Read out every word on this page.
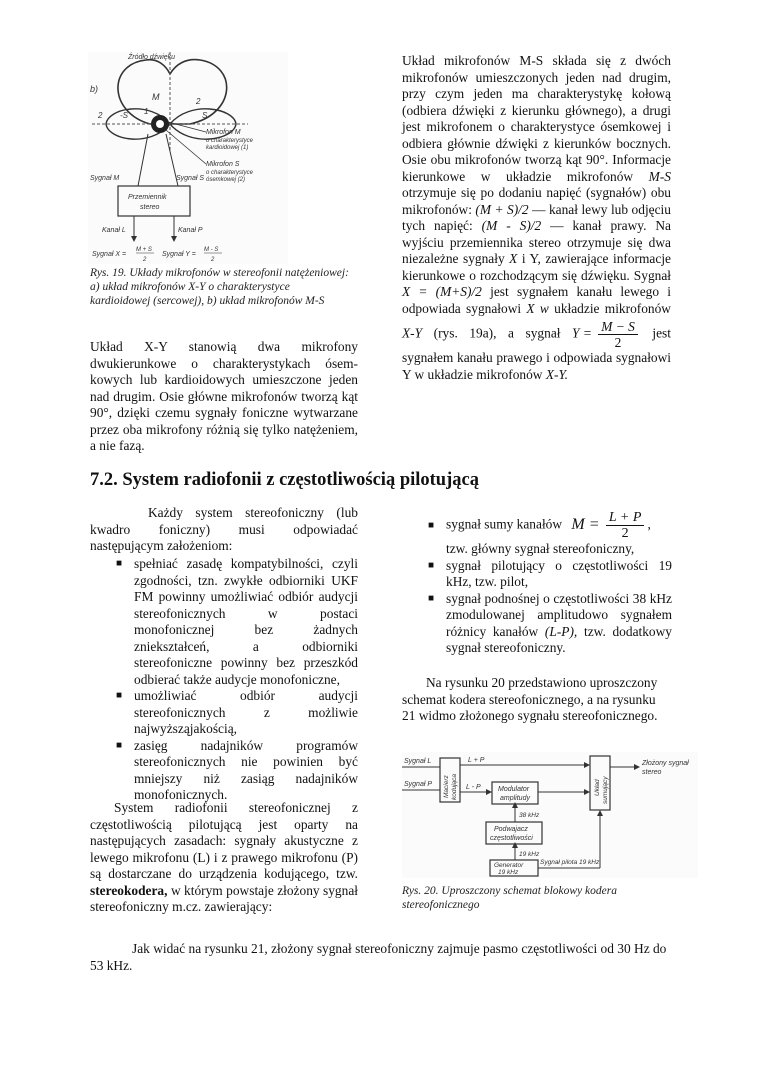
Źródło dźwięku
b)
M
-S	S
2
2
1
Mikrofon M
o charakterystyce
kardioidowej (1)
Mikrofon S
o charakterystyce
ósemkowej (2)
Sygnał M	Sygnał S
Przemiennik
stereo
Kanał L	Kanał P
Sygnał X =
M + S
2
Sygnał Y =
M - S
2
Rys. 19. Układy mikrofonów w stereofonii natężeniowej: a) układ mikrofonów X-Y o charakterystyce kardioidowej (sercowej), b) układ mikrofonów M-S

Układ X-Y stanowią dwa mikrofony dwukierunkowe o charakterystykach ósem-kowych lub kardioidowych umieszczone jeden nad drugim. Osie główne mikrofonów tworzą kąt 90°, dzięki czemu sygnały foniczne wytwarzane przez oba mikrofony różnią się tylko natężeniem, a nie fazą.

Układ mikrofonów M-S składa się z dwóch mikrofonów umieszczonych jeden nad drugim, przy czym jeden ma charakterystykę kołową (odbiera dźwięki z kierunku głównego), a drugi jest mikrofonem o charakterystyce ósemkowej i odbiera głównie dźwięki z kierunków bocznych. Osie obu mikrofonów tworzą kąt 90°. Informacje kierunkowe w układzie mikrofonów M-S otrzymuje się po dodaniu napięć (sygnałów) obu mikrofonów: (M + S)/2 — kanał lewy lub odjęciu tych napięć: (M - S)/2 — kanał prawy. Na wyjściu przemiennika stereo otrzymuje się dwa niezależne sygnały X i Y, zawierające informacje kierunkowe o rozchodzącym się dźwięku. Sygnał X = (M+S)/2 jest sygnałem kanału lewego i odpowiada sygnałowi X w układzie mikrofonów X-Y (rys. 19a), a sygnał $Y = \frac{M - S}{2}$ jest sygnałem kanału prawego i odpowiada sygnałowi Y w układzie mikrofonów X-Y.
7.2. System radiofonii z częstotliwością pilotującą

Każdy system stereofoniczny (lub kwadro foniczny) musi odpowiadać następującym założeniom:

■ spełniać zasadę kompatybilności, czyli zgodności, tzn. zwykłe odbiorniki UKF FM powinny umożliwiać odbiór audycji stereofonicznych w postaci monofonicznej bez żadnych zniekształceń, a odbiorniki stereofoniczne powinny bez przeszkód odbierać także audycje monofoniczne,
■ umożliwiać odbiór audycji stereofonicznych z możliwie najwyższąjakością,
■ zasięg nadajników programów stereofonicznych nie powinien być mniejszy niż zasiąg nadajników monofonicznych.

System radiofonii stereofonicznej z częstotliwością pilotującą jest oparty na następujących zasadach: sygnały akustyczne z lewego mikrofonu (L) i z prawego mikrofonu (P) są dostarczane do urządzenia kodującego, tzw. stereokodera, w którym powstaje złożony sygnał stereofoniczny m.cz. zawierający:

■ sygnał sumy kanałów $M = \frac{L + P}{2}$ ,
tzw. główny sygnał stereofoniczny,
■ sygnał pilotujący o częstotliwości 19 kHz, tzw. pilot,
■ sygnał podnośnej o częstotliwości 38 kHz zmodulowanej amplitudowo sygnałem różnicy kanałów (L-P), tzw. dodatkowy sygnał stereofoniczny.

Na rysunku 20 przedstawiono uproszczony schemat kodera stereofonicznego, a na rysunku 21 widmo złożonego sygnału stereofonicznego.

Sygnał L
Sygnał P Macierz kodująca
L + P
L - P Modulator
amplitudy
38 kHz
Podwajacz
częstotliwości
19 kHz
Generator
19 kHz
Sygnał pilota 19 kHz
Układ sumujący
Złożony sygnał
stereo
Rys. 20. Uproszczony schemat blokowy kodera stereofonicznego

Jak widać na rysunku 21, złożony sygnał stereofoniczny zajmuje pasmo częstotliwości od 30 Hz do 53 kHz.
